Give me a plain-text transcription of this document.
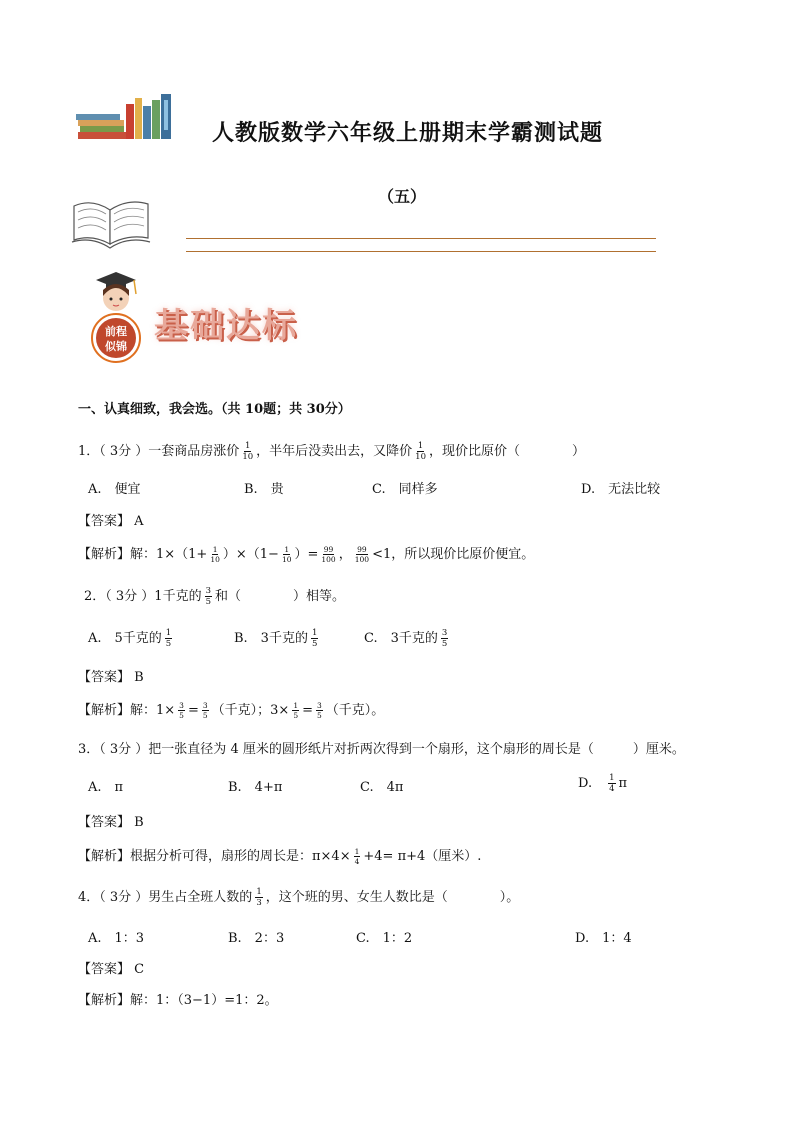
人教版数学六年级上册期末学霸测试题
（五）
前程
似锦
基础达标
一、认真细致，我会选。（共 10题；共 30分）
1．（ 3分 ）一套商品房涨价 $\frac{1}{10}$ ，半年后没卖出去，又降价 $\frac{1}{10}$ ，现价比原价（　　　　）
A.　便宜	B.　贵	C.　同样多	D.　无法比较
【答案】 A
【解析】解：$1\times(1+ \frac{1}{10} )\times(1- \frac{1}{10}$ ）= $\frac{99}{100}$ ， $\frac{99}{100} <1$，所以现价比原价便宜。
2．（ 3分 ）1千克的 $\frac{3}{5}$ 和（　　　　）相等。
A.　5千克的 $\frac{1}{5}$	B.　3千克的 $\frac{1}{5}$	C.　3千克的 $\frac{3}{5}$
【答案】 B
【解析】解：$1\times \frac{3}{5} = \frac{3}{5}$ （千克）；$3\times \frac{1}{5} = \frac{3}{5}$ （千克）。
3．（ 3分 ）把一张直径为 4 厘米的圆形纸片对折两次得到一个扇形，这个扇形的周长是（　　　）厘米。
A.　π	B.　4+π	C.　4π	D.　 $\frac{1}{4}$ π
【答案】 B
【解析】根据分析可得，扇形的周长是：$\pi\times 4\times \frac{1}{4} +4= \pi+4$（厘米）.
4．（ 3分 ）男生占全班人数的 $\frac{1}{3}$ ，这个班的男、女生人数比是（　　　　）。
A.　1：3	B.　2：3	C.　1：2	D.　1：4
【答案】 C
【解析】解：1：（3−1）=1：2。
